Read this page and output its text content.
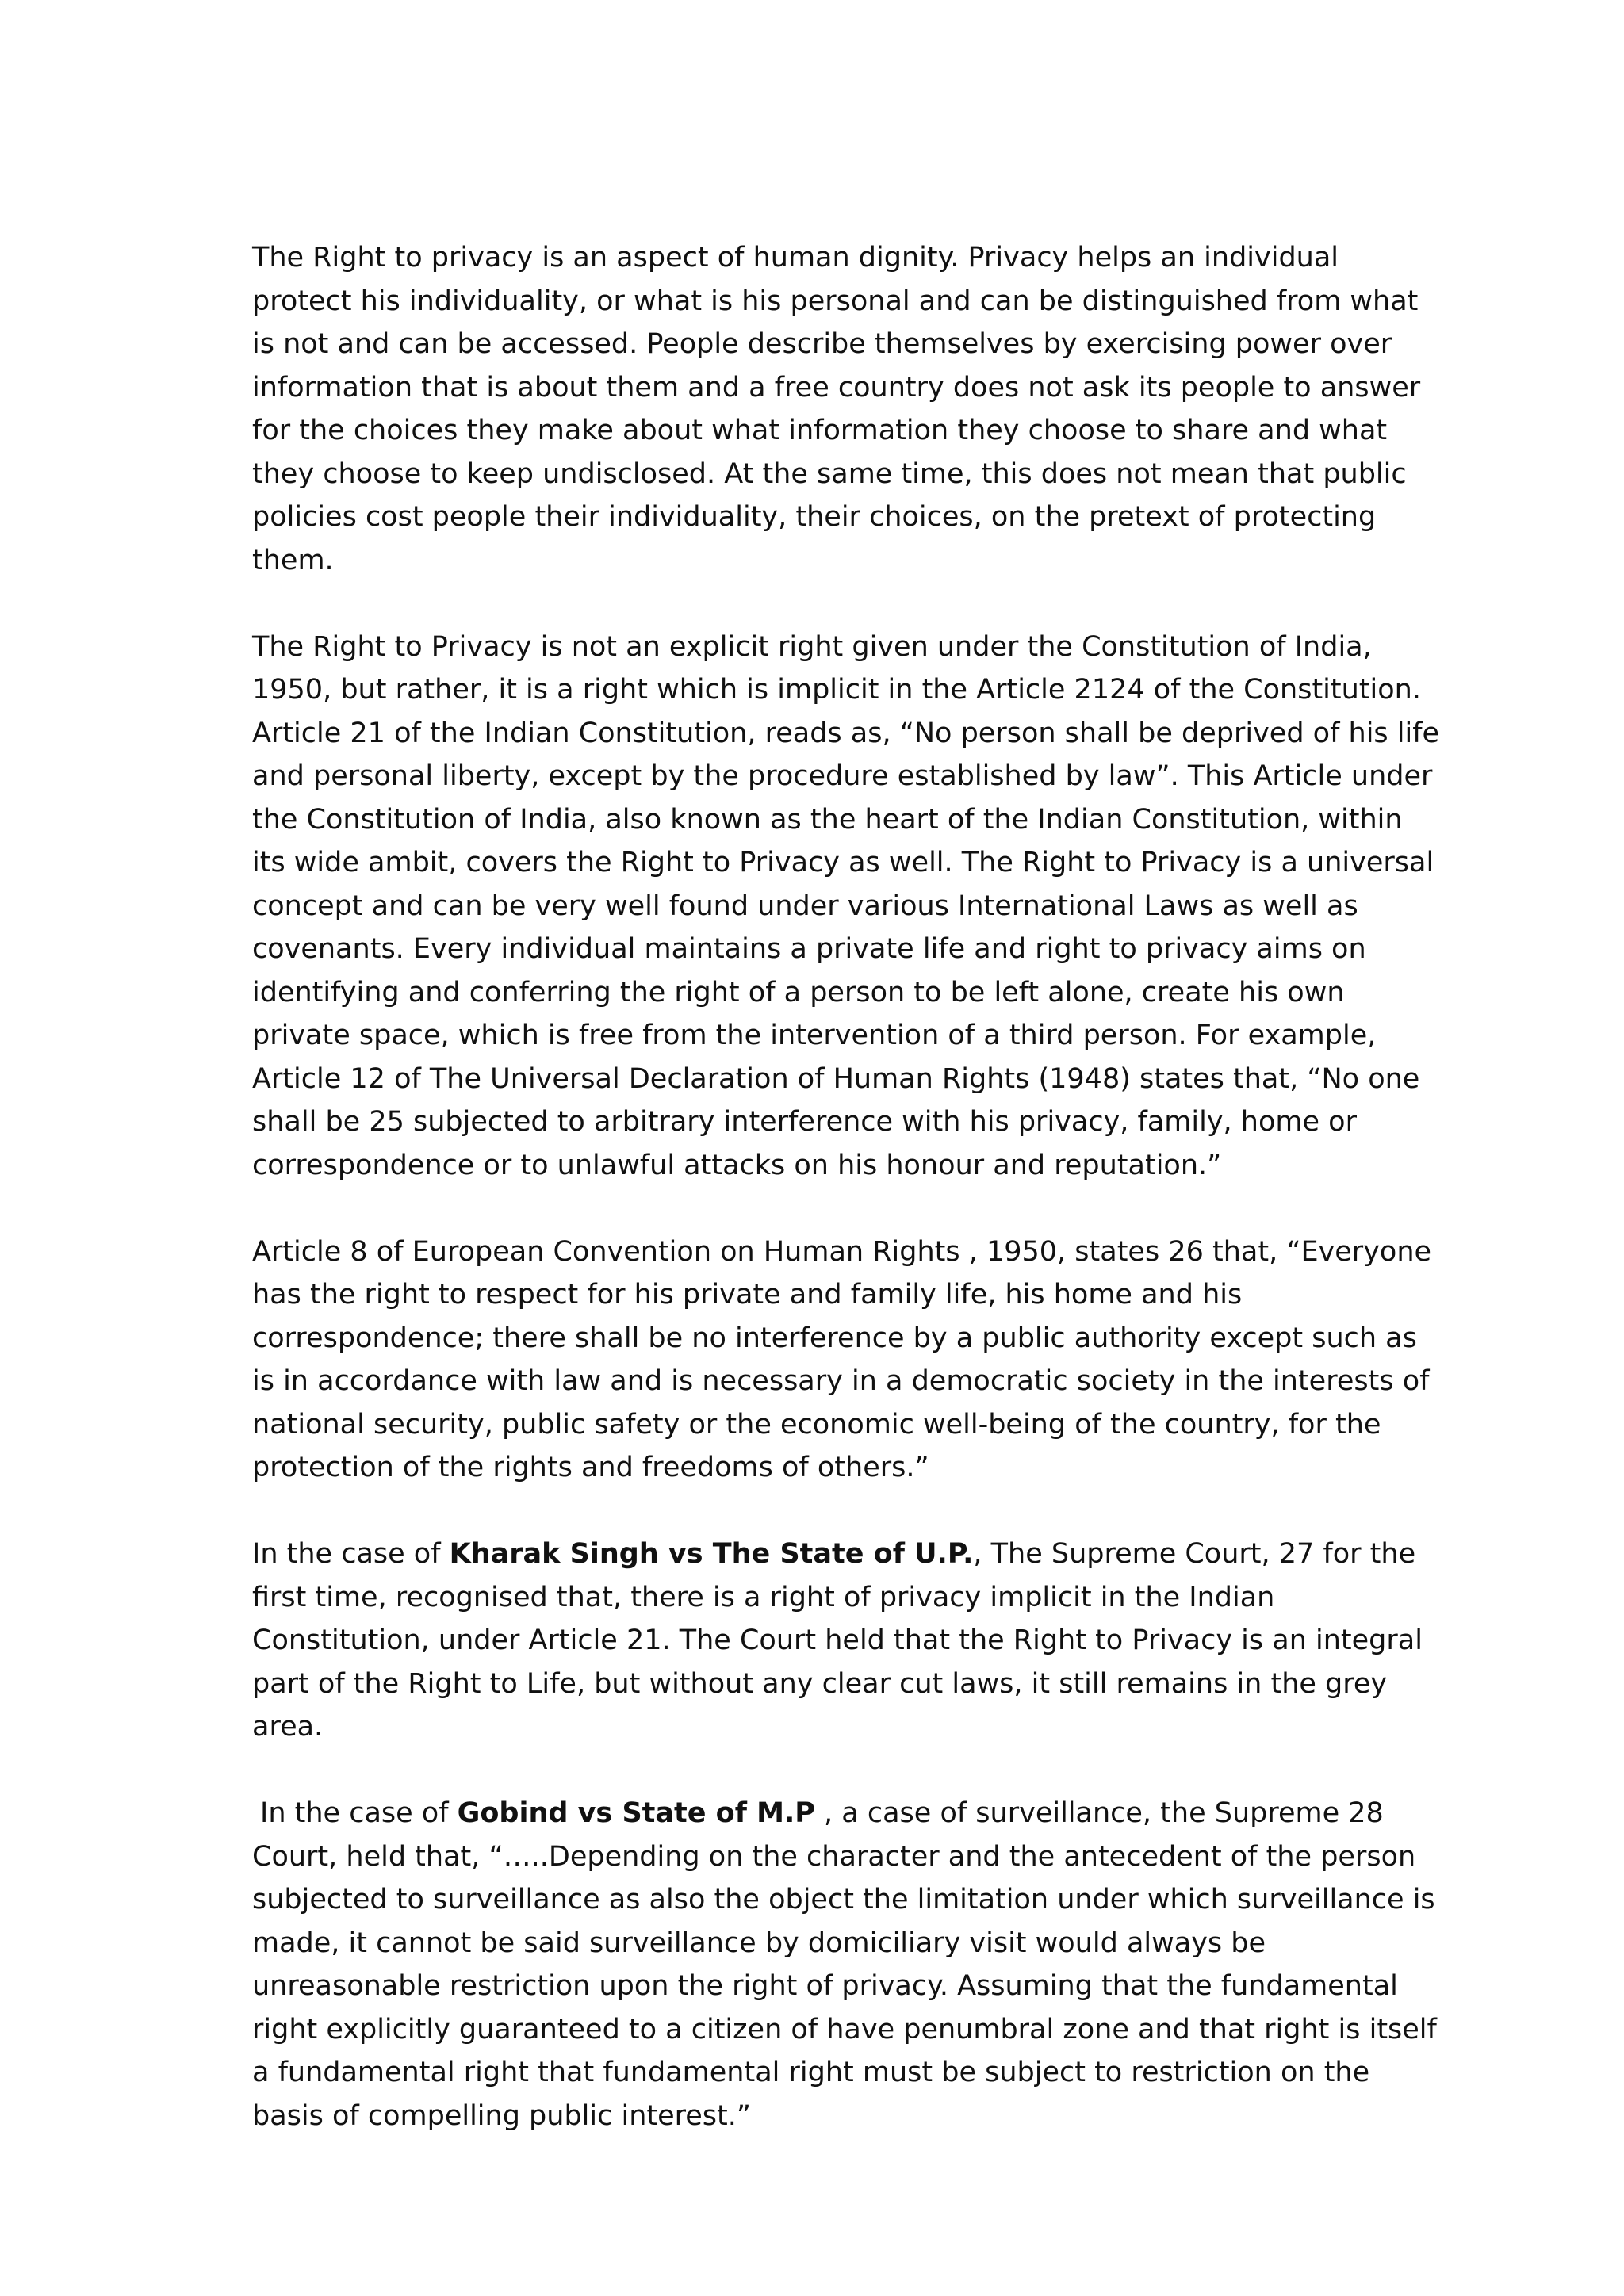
The Right to privacy is an aspect of human dignity. Privacy helps an individual protect his individuality, or what is his personal and can be distinguished from what is not and can be accessed. People describe themselves by exercising power over information that is about them and a free country does not ask its people to answer for the choices they make about what information they choose to share and what they choose to keep undisclosed. At the same time, this does not mean that public policies cost people their individuality, their choices, on the pretext of protecting them.

The Right to Privacy is not an explicit right given under the Constitution of India, 1950, but rather, it is a right which is implicit in the Article 2124 of the Constitution. Article 21 of the Indian Constitution, reads as, “No person shall be deprived of his life and personal liberty, except by the procedure established by law”. This Article under the Constitution of India, also known as the heart of the Indian Constitution, within its wide ambit, covers the Right to Privacy as well. The Right to Privacy is a universal concept and can be very well found under various International Laws as well as covenants. Every individual maintains a private life and right to privacy aims on identifying and conferring the right of a person to be left alone, create his own private space, which is free from the intervention of a third person. For example, Article 12 of The Universal Declaration of Human Rights (1948) states that, “No one shall be 25 subjected to arbitrary interference with his privacy, family, home or correspondence or to unlawful attacks on his honour and reputation.”

Article 8 of European Convention on Human Rights , 1950, states 26 that, “Everyone has the right to respect for his private and family life, his home and his correspondence; there shall be no interference by a public authority except such as is in accordance with law and is necessary in a democratic society in the interests of national security, public safety or the economic well-being of the country, for the protection of the rights and freedoms of others.”

In the case of Kharak Singh vs The State of U.P., The Supreme Court, 27 for the first time, recognised that, there is a right of privacy implicit in the Indian Constitution, under Article 21. The Court held that the Right to Privacy is an integral part of the Right to Life, but without any clear cut laws, it still remains in the grey area.

In the case of Gobind vs State of M.P , a case of surveillance, the Supreme 28 Court, held that, “…..Depending on the character and the antecedent of the person subjected to surveillance as also the object the limitation under which surveillance is made, it cannot be said surveillance by domiciliary visit would always be unreasonable restriction upon the right of privacy. Assuming that the fundamental right explicitly guaranteed to a citizen of have penumbral zone and that right is itself a fundamental right that fundamental right must be subject to restriction on the basis of compelling public interest.”
